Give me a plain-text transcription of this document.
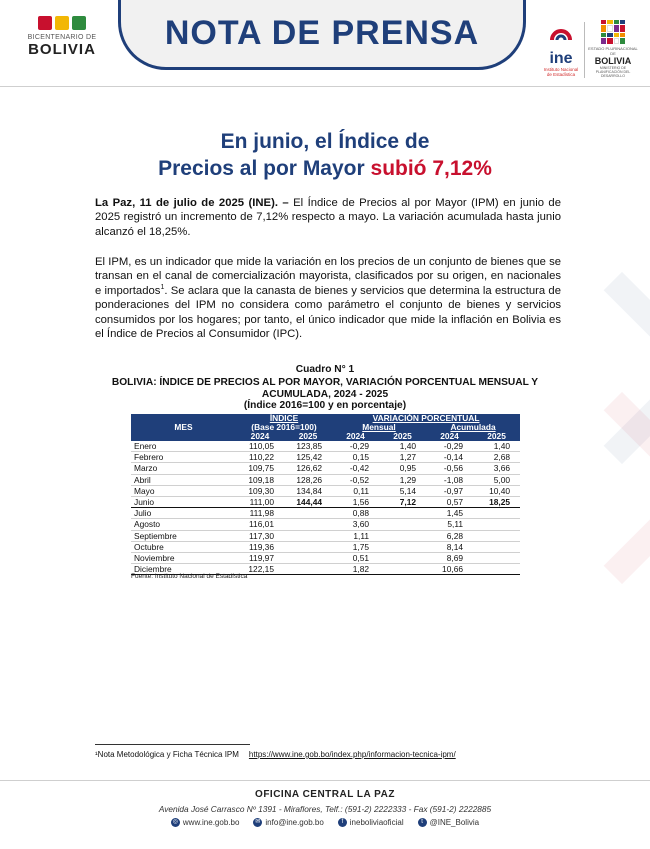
BICENTENARIO DE
BOLIVIA NOTA DE PRENSA
ine
Instituto Nacional
de Estadística
ESTADO PLURINACIONAL DE
BOLIVIA
MINISTERIO DE PLANIFICACIÓN DEL DESARROLLO
En junio, el Índice de
Precios al por Mayor subió 7,12%

La Paz, 11 de julio de 2025 (INE). – El Índice de Precios al por Mayor (IPM) en junio de 2025 registró un incremento de 7,12% respecto a mayo. La variación acumulada hasta junio alcanzó el 18,25%.

El IPM, es un indicador que mide la variación en los precios de un conjunto de bienes que se transan en el canal de comercialización mayorista, clasificados por su origen, en nacionales e importados$^1$. Se aclara que la canasta de bienes y servicios que determina la estructura de ponderaciones del IPM no considera como parámetro el conjunto de bienes y servicios consumidos por los hogares; por tanto, el único indicador que mide la inflación en Bolivia es el Índice de Precios al Consumidor (IPC).

Cuadro N° 1
BOLIVIA: ÍNDICE DE PRECIOS AL POR MAYOR, VARIACIÓN PORCENTUAL MENSUAL Y ACUMULADA, 2024 - 2025
(Índice 2016=100 y en porcentaje)
MES	ÍNDICE		VARIACIÓN PORCENTUAL			
	(Base 2016=100)		Mensual		Acumulada	
	2024	2025	2024	2025	2024	2025
Enero	110,05	123,85	-0,29	1,40	-0,29	1,40
Febrero	110,22	125,42	0,15	1,27	-0,14	2,68
Marzo	109,75	126,62	-0,42	0,95	-0,56	3,66
Abril	109,18	128,26	-0,52	1,29	-1,08	5,00
Mayo	109,30	134,84	0,11	5,14	-0,97	10,40
Junio	111,00	144,44	1,56	7,12	0,57	18,25
Julio	111,98		0,88		1,45	
Agosto	116,01		3,60		5,11	
Septiembre	117,30		1,11		6,28	
Octubre	119,36		1,75		8,14	
Noviembre	119,97		0,51		8,69	
Diciembre	122,15		1,82		10,66	
Fuente: Instituto Nacional de Estadística
¹Nota Metodológica y Ficha Técnica IPM https://www.ine.gob.bo/index.php/informacion-tecnica-ipm/
OFICINA CENTRAL LA PAZ
Avenida José Carrasco Nº 1391 - Miraflores, Telf.: (591-2) 2222333 - Fax (591-2) 2222885
◎ www.ine.gob.bo	✉ info@ine.gob.bo	f ineboliviaoficial	t @INE_Bolivia
